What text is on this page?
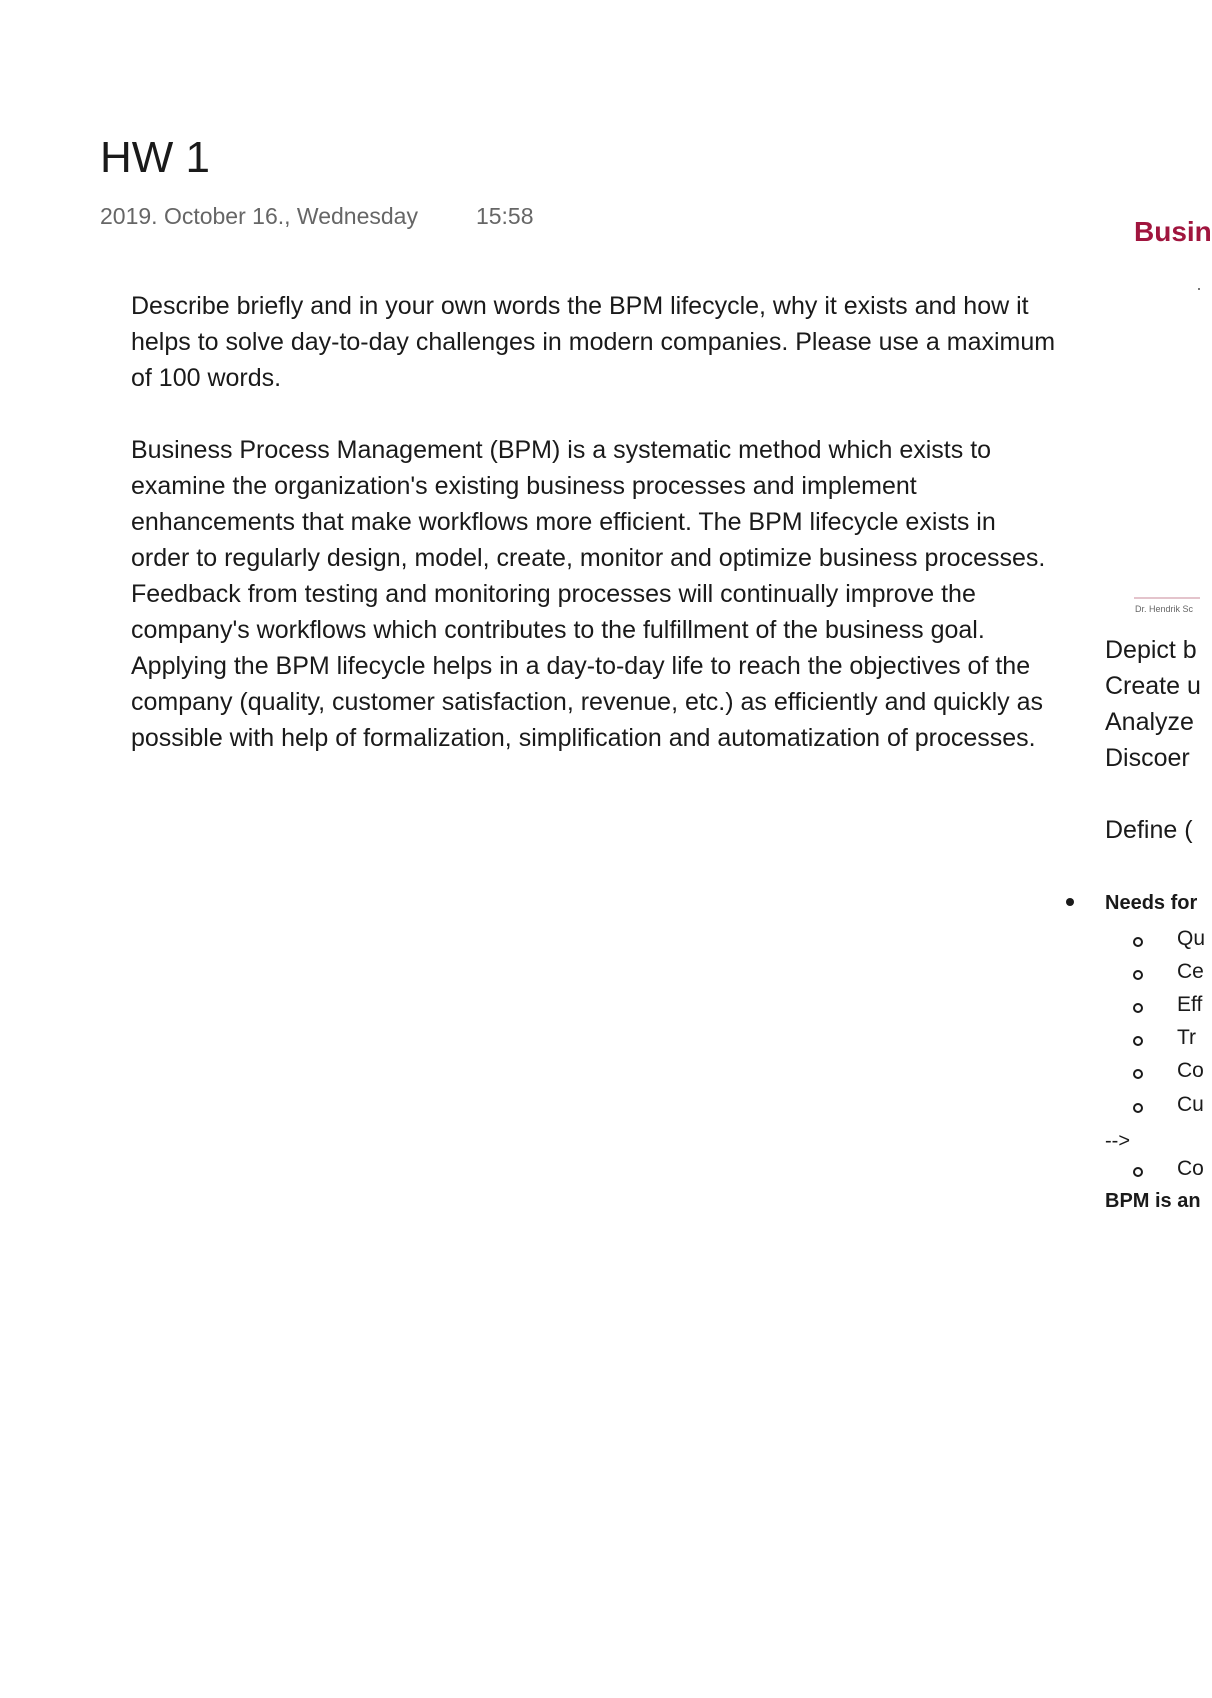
HW 1
2019. October 16., Wednesday	15:58

Describe briefly and in your own words the BPM lifecycle, why it exists and how it helps to solve day-to-day challenges in modern companies. Please use a maximum of 100 words.

Business Process Management (BPM) is a systematic method which exists to examine the organization's existing business processes and implement enhancements that make workflows more efficient. The BPM lifecycle exists in order to regularly design, model, create, monitor and optimize business processes. Feedback from testing and monitoring processes will continually improve the company's workflows which contributes to the fulfillment of the business goal. Applying the BPM lifecycle helps in a day-to-day life to reach the objectives of the company (quality, customer satisfaction, revenue, etc.) as efficiently and quickly as possible with help of formalization, simplification and automatization of processes.

Busin
Dr. Hendrik Sc
Depict b
Create u
Analyze
Discoer
Define (
Needs for
Qu
Ce
Eff
Tr
Co
Cu
-->
Co
BPM is an
